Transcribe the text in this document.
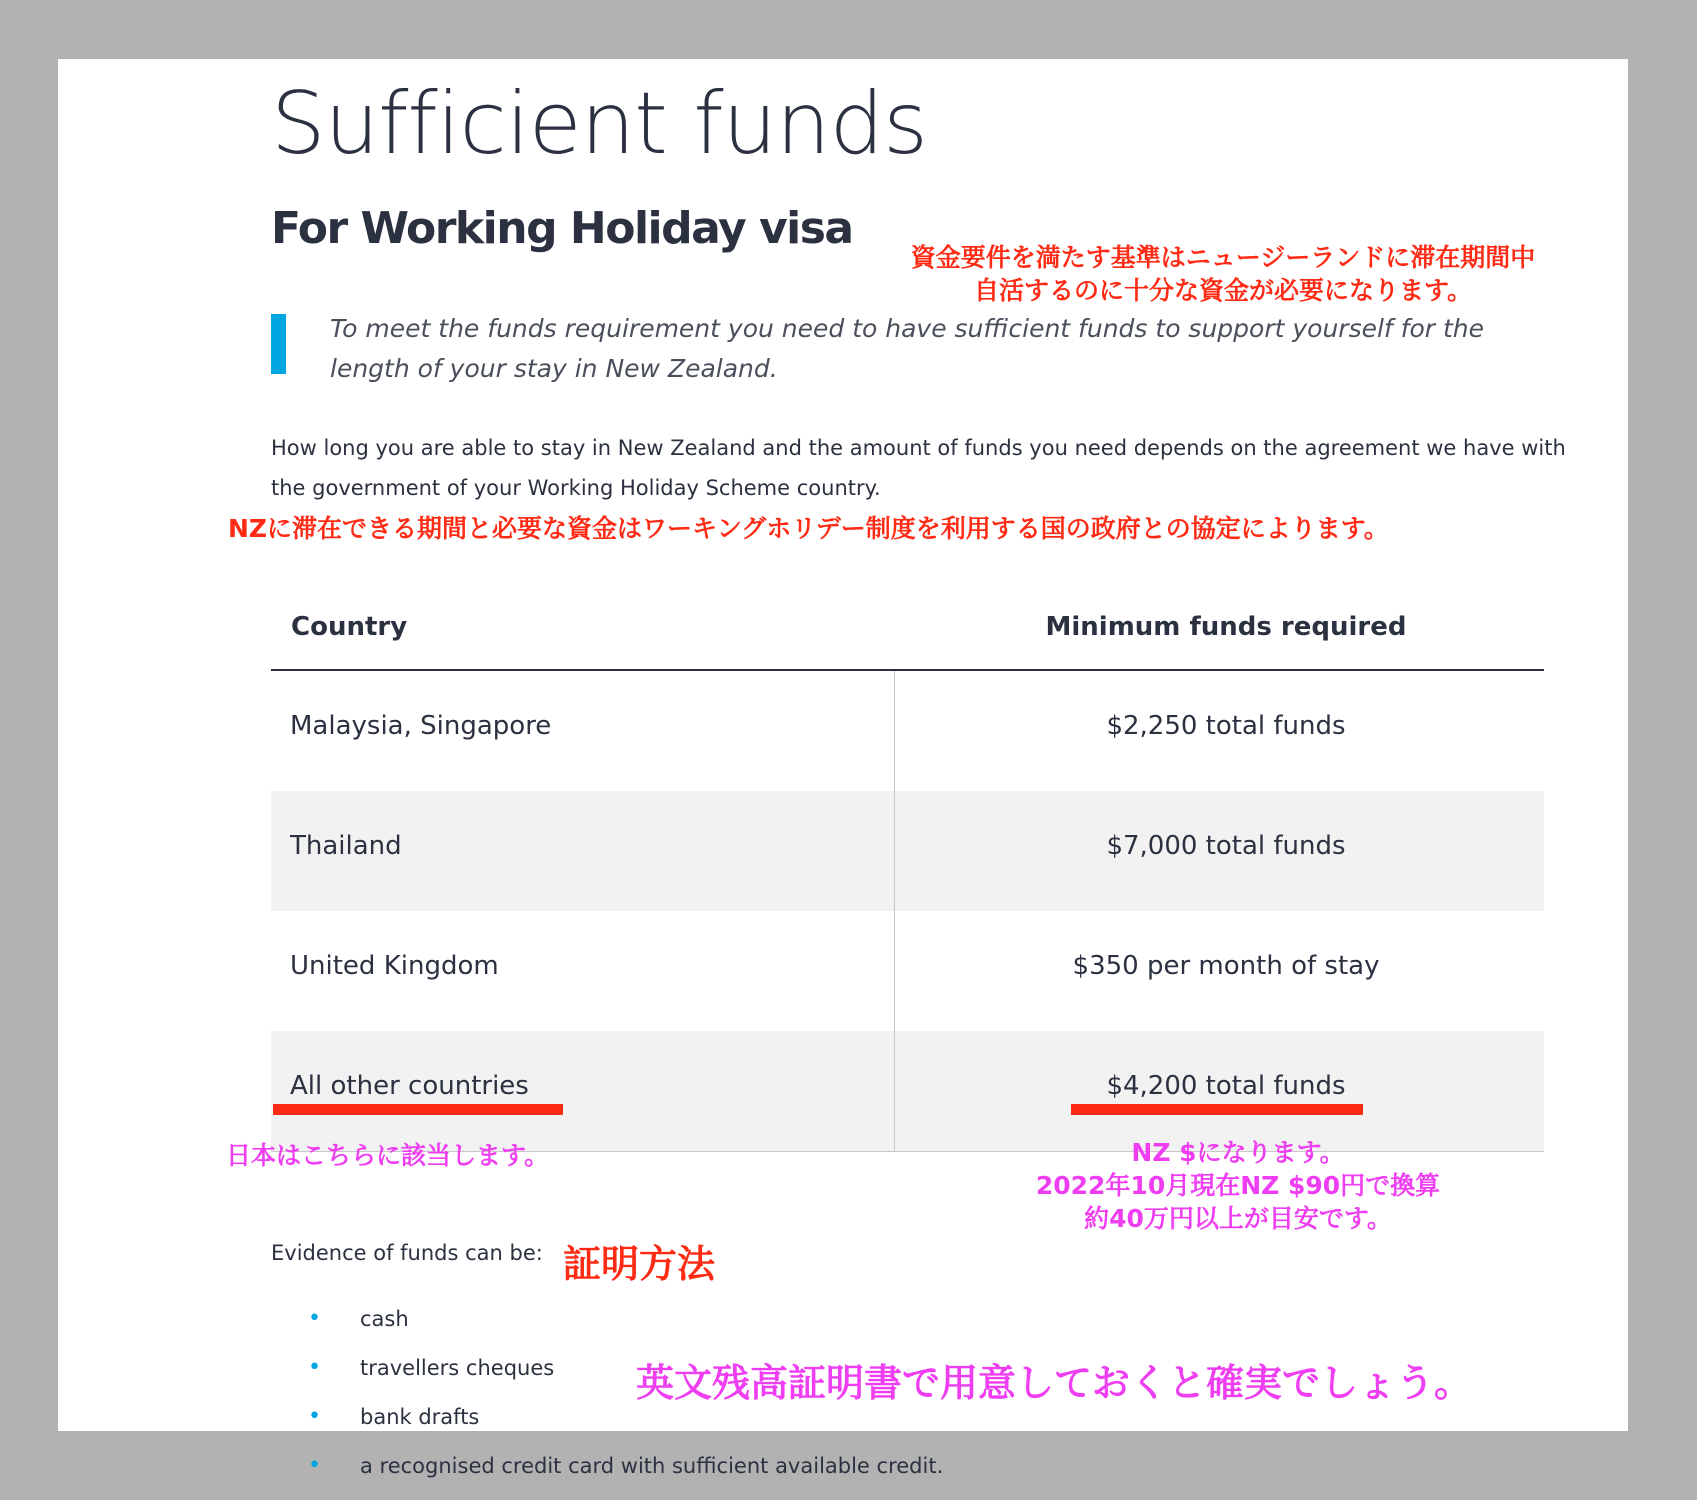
Sufficient funds
For Working Holiday visa
資金要件を満たす基準はニュージーランドに滞在期間中
自活するのに十分な資金が必要になります。

To meet the funds requirement you need to have sufficient funds to support yourself for the length of your stay in New Zealand.

How long you are able to stay in New Zealand and the amount of funds you need depends on the agreement we have with the government of your Working Holiday Scheme country.

NZに滞在できる期間と必要な資金はワーキングホリデー制度を利用する国の政府との協定によります。
Country	Minimum funds required
Malaysia, Singapore	$2,250 total funds
Thailand	$7,000 total funds
United Kingdom	$350 per month of stay
All other countries	$4,200 total funds
日本はこちらに該当します。	NZ $になります。
2022年10月現在NZ $90円で換算
約40万円以上が目安です。
Evidence of funds can be: 証明方法
• cash
• travellers cheques
• bank drafts
• a recognised credit card with sufficient available credit.
英文残高証明書で用意しておくと確実でしょう。
